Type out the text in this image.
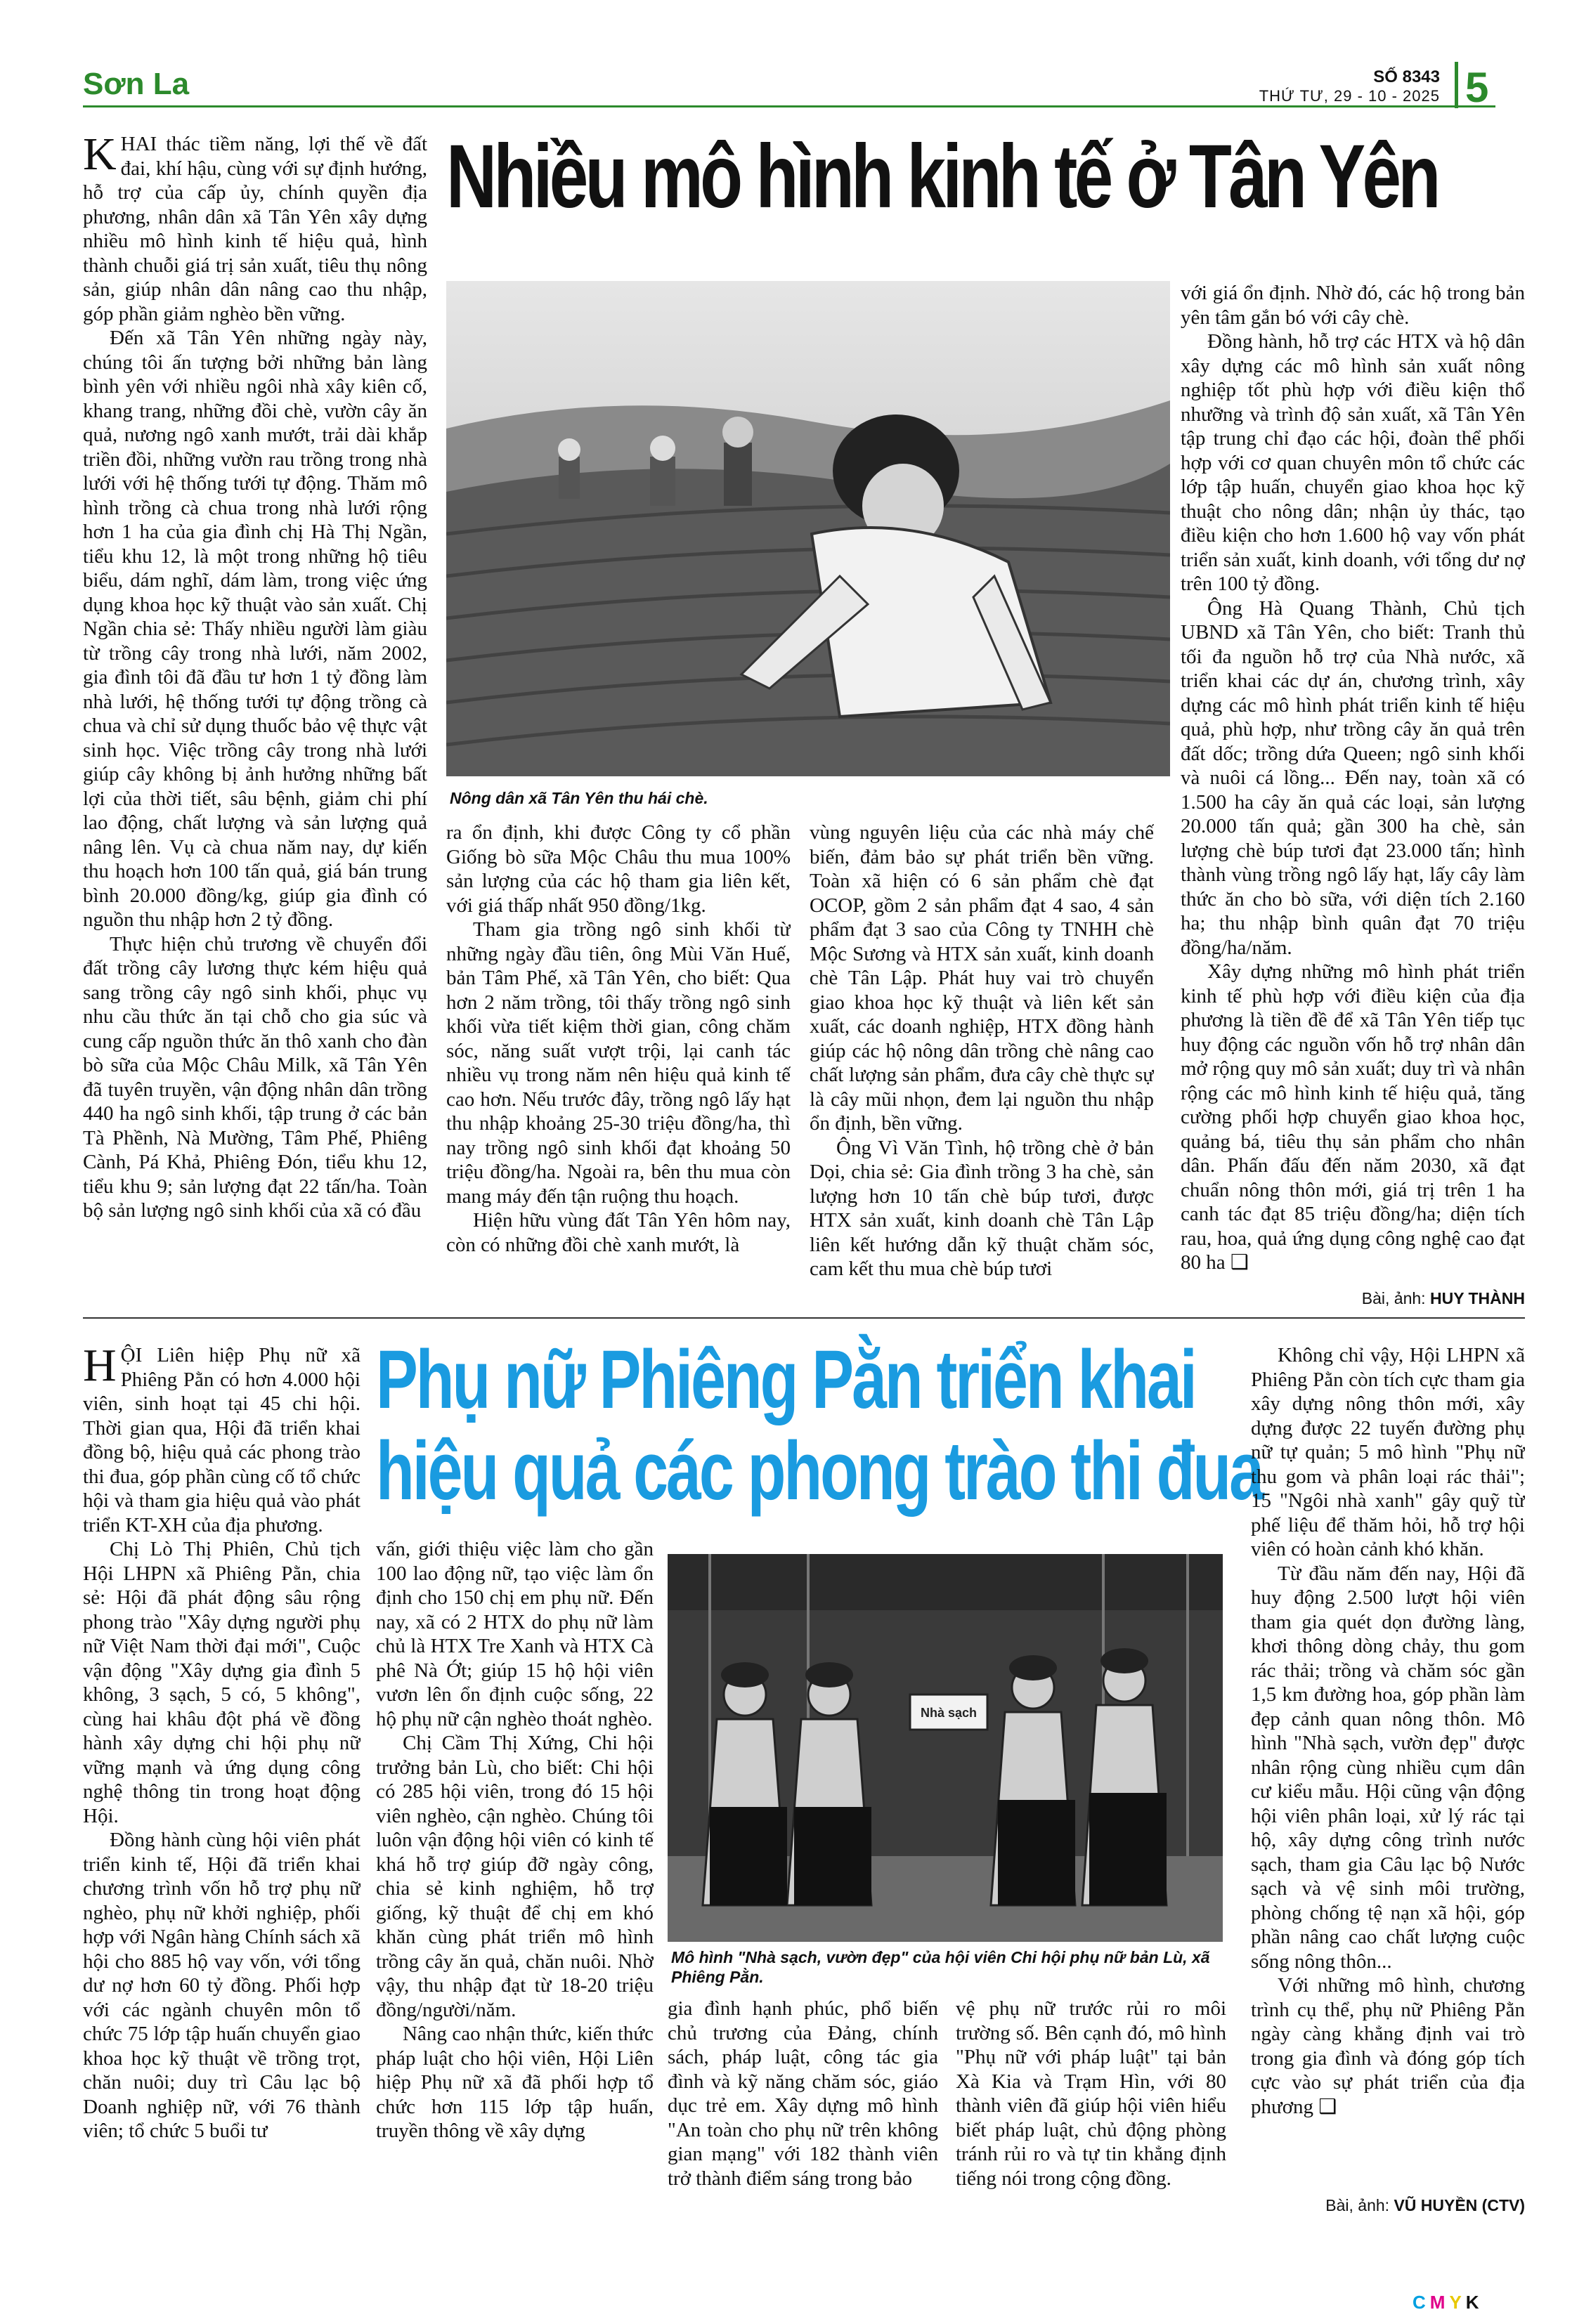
Sơn La	SỐ 8343
THỨ TƯ, 29 - 10 - 2025 5
Nhiều mô hình kinh tế ở Tân Yên

KHAI thác tiềm năng, lợi thế về đất đai, khí hậu, cùng với sự định hướng, hỗ trợ của cấp ủy, chính quyền địa phương, nhân dân xã Tân Yên xây dựng nhiều mô hình kinh tế hiệu quả, hình thành chuỗi giá trị sản xuất, tiêu thụ nông sản, giúp nhân dân nâng cao thu nhập, góp phần giảm nghèo bền vững.

Đến xã Tân Yên những ngày này, chúng tôi ấn tượng bởi những bản làng bình yên với nhiều ngôi nhà xây kiên cố, khang trang, những đồi chè, vườn cây ăn quả, nương ngô xanh mướt, trải dài khắp triền đồi, những vườn rau trồng trong nhà lưới với hệ thống tưới tự động. Thăm mô hình trồng cà chua trong nhà lưới rộng hơn 1 ha của gia đình chị Hà Thị Ngần, tiểu khu 12, là một trong những hộ tiêu biểu, dám nghĩ, dám làm, trong việc ứng dụng khoa học kỹ thuật vào sản xuất. Chị Ngần chia sẻ: Thấy nhiều người làm giàu từ trồng cây trong nhà lưới, năm 2002, gia đình tôi đã đầu tư hơn 1 tỷ đồng làm nhà lưới, hệ thống tưới tự động trồng cà chua và chỉ sử dụng thuốc bảo vệ thực vật sinh học. Việc trồng cây trong nhà lưới giúp cây không bị ảnh hưởng những bất lợi của thời tiết, sâu bệnh, giảm chi phí lao động, chất lượng và sản lượng quả nâng lên. Vụ cà chua năm nay, dự kiến thu hoạch hơn 100 tấn quả, giá bán trung bình 20.000 đồng/kg, giúp gia đình có nguồn thu nhập hơn 2 tỷ đồng.

Thực hiện chủ trương về chuyển đổi đất trồng cây lương thực kém hiệu quả sang trồng cây ngô sinh khối, phục vụ nhu cầu thức ăn tại chỗ cho gia súc và cung cấp nguồn thức ăn thô xanh cho đàn bò sữa của Mộc Châu Milk, xã Tân Yên đã tuyên truyền, vận động nhân dân trồng 440 ha ngô sinh khối, tập trung ở các bản Tà Phềnh, Nà Mường, Tâm Phế, Phiêng Cành, Pá Khả, Phiêng Đón, tiểu khu 12, tiểu khu 9; sản lượng đạt 22 tấn/ha. Toàn bộ sản lượng ngô sinh khối của xã có đầu

Nông dân xã Tân Yên thu hái chè.

ra ổn định, khi được Công ty cổ phần Giống bò sữa Mộc Châu thu mua 100% sản lượng của các hộ tham gia liên kết, với giá thấp nhất 950 đồng/1kg.

Tham gia trồng ngô sinh khối từ những ngày đầu tiên, ông Mùi Văn Huế, bản Tâm Phế, xã Tân Yên, cho biết: Qua hơn 2 năm trồng, tôi thấy trồng ngô sinh khối vừa tiết kiệm thời gian, công chăm sóc, năng suất vượt trội, lại canh tác nhiều vụ trong năm nên hiệu quả kinh tế cao hơn. Nếu trước đây, trồng ngô lấy hạt thu nhập khoảng 25-30 triệu đồng/ha, thì nay trồng ngô sinh khối đạt khoảng 50 triệu đồng/ha. Ngoài ra, bên thu mua còn mang máy đến tận ruộng thu hoạch.

Hiện hữu vùng đất Tân Yên hôm nay, còn có những đồi chè xanh mướt, là

vùng nguyên liệu của các nhà máy chế biến, đảm bảo sự phát triển bền vững. Toàn xã hiện có 6 sản phẩm chè đạt OCOP, gồm 2 sản phẩm đạt 4 sao, 4 sản phẩm đạt 3 sao của Công ty TNHH chè Mộc Sương và HTX sản xuất, kinh doanh chè Tân Lập. Phát huy vai trò chuyển giao khoa học kỹ thuật và liên kết sản xuất, các doanh nghiệp, HTX đồng hành giúp các hộ nông dân trồng chè nâng cao chất lượng sản phẩm, đưa cây chè thực sự là cây mũi nhọn, đem lại nguồn thu nhập ổn định, bền vững.

Ông Vì Văn Tình, hộ trồng chè ở bản Dọi, chia sẻ: Gia đình trồng 3 ha chè, sản lượng hơn 10 tấn chè búp tươi, được HTX sản xuất, kinh doanh chè Tân Lập liên kết hướng dẫn kỹ thuật chăm sóc, cam kết thu mua chè búp tươi

với giá ổn định. Nhờ đó, các hộ trong bản yên tâm gắn bó với cây chè.

Đồng hành, hỗ trợ các HTX và hộ dân xây dựng các mô hình sản xuất nông nghiệp tốt phù hợp với điều kiện thổ nhưỡng và trình độ sản xuất, xã Tân Yên tập trung chỉ đạo các hội, đoàn thể phối hợp với cơ quan chuyên môn tổ chức các lớp tập huấn, chuyển giao khoa học kỹ thuật cho nông dân; nhận ủy thác, tạo điều kiện cho hơn 1.600 hộ vay vốn phát triển sản xuất, kinh doanh, với tổng dư nợ trên 100 tỷ đồng.

Ông Hà Quang Thành, Chủ tịch UBND xã Tân Yên, cho biết: Tranh thủ tối đa nguồn hỗ trợ của Nhà nước, xã triển khai các dự án, chương trình, xây dựng các mô hình phát triển kinh tế hiệu quả, phù hợp, như trồng cây ăn quả trên đất dốc; trồng dứa Queen; ngô sinh khối và nuôi cá lồng... Đến nay, toàn xã có 1.500 ha cây ăn quả các loại, sản lượng 20.000 tấn quả; gần 300 ha chè, sản lượng chè búp tươi đạt 23.000 tấn; hình thành vùng trồng ngô lấy hạt, lấy cây làm thức ăn cho bò sữa, với diện tích 2.160 ha; thu nhập bình quân đạt 70 triệu đồng/ha/năm.

Xây dựng những mô hình phát triển kinh tế phù hợp với điều kiện của địa phương là tiền đề để xã Tân Yên tiếp tục huy động các nguồn vốn hỗ trợ nhân dân mở rộng quy mô sản xuất; duy trì và nhân rộng các mô hình kinh tế hiệu quả, tăng cường phối hợp chuyển giao khoa học, quảng bá, tiêu thụ sản phẩm cho nhân dân. Phấn đấu đến năm 2030, xã đạt chuẩn nông thôn mới, giá trị trên 1 ha canh tác đạt 85 triệu đồng/ha; diện tích rau, hoa, quả ứng dụng công nghệ cao đạt 80 ha ❑

Bài, ảnh: HUY THÀNH
Phụ nữ Phiêng Pằn triển khai
hiệu quả các phong trào thi đua

HỘI Liên hiệp Phụ nữ xã Phiêng Pằn có hơn 4.000 hội viên, sinh hoạt tại 45 chi hội. Thời gian qua, Hội đã triển khai đồng bộ, hiệu quả các phong trào thi đua, góp phần cùng cố tổ chức hội và tham gia hiệu quả vào phát triển KT-XH của địa phương.

Chị Lò Thị Phiên, Chủ tịch Hội LHPN xã Phiêng Pằn, chia sẻ: Hội đã phát động sâu rộng phong trào "Xây dựng người phụ nữ Việt Nam thời đại mới", Cuộc vận động "Xây dựng gia đình 5 không, 3 sạch, 5 có, 5 không", cùng hai khâu đột phá về đồng hành xây dựng chi hội phụ nữ vững mạnh và ứng dụng công nghệ thông tin trong hoạt động Hội.

Đồng hành cùng hội viên phát triển kinh tế, Hội đã triển khai chương trình vốn hỗ trợ phụ nữ nghèo, phụ nữ khởi nghiệp, phối hợp với Ngân hàng Chính sách xã hội cho 885 hộ vay vốn, với tổng dư nợ hơn 60 tỷ đồng. Phối hợp với các ngành chuyên môn tổ chức 75 lớp tập huấn chuyển giao khoa học kỹ thuật về trồng trọt, chăn nuôi; duy trì Câu lạc bộ Doanh nghiệp nữ, với 76 thành viên; tổ chức 5 buổi tư

vấn, giới thiệu việc làm cho gần 100 lao động nữ, tạo việc làm ổn định cho 150 chị em phụ nữ. Đến nay, xã có 2 HTX do phụ nữ làm chủ là HTX Tre Xanh và HTX Cà phê Nà Ớt; giúp 15 hộ hội viên vươn lên ổn định cuộc sống, 22 hộ phụ nữ cận nghèo thoát nghèo.

Chị Cầm Thị Xứng, Chi hội trưởng bản Lù, cho biết: Chi hội có 285 hội viên, trong đó 15 hội viên nghèo, cận nghèo. Chúng tôi luôn vận động hội viên có kinh tế khá hỗ trợ giúp đỡ ngày công, chia sẻ kinh nghiệm, hỗ trợ giống, kỹ thuật để chị em khó khăn cùng phát triển mô hình trồng cây ăn quả, chăn nuôi. Nhờ vậy, thu nhập đạt từ 18-20 triệu đồng/người/năm.

Nâng cao nhận thức, kiến thức pháp luật cho hội viên, Hội Liên hiệp Phụ nữ xã đã phối hợp tổ chức hơn 115 lớp tập huấn, truyền thông về xây dựng

Nhà sạch
Mô hình "Nhà sạch, vườn đẹp" của hội viên Chi hội phụ nữ bản Lù, xã Phiêng Pằn.

gia đình hạnh phúc, phổ biến chủ trương của Đảng, chính sách, pháp luật, công tác gia đình và kỹ năng chăm sóc, giáo dục trẻ em. Xây dựng mô hình "An toàn cho phụ nữ trên không gian mạng" với 182 thành viên trở thành điểm sáng trong bảo

vệ phụ nữ trước rủi ro môi trường số. Bên cạnh đó, mô hình "Phụ nữ với pháp luật" tại bản Xà Kia và Trạm Hìn, với 80 thành viên đã giúp hội viên hiểu biết pháp luật, chủ động phòng tránh rủi ro và tự tin khẳng định tiếng nói trong cộng đồng.

Không chỉ vậy, Hội LHPN xã Phiêng Pằn còn tích cực tham gia xây dựng nông thôn mới, xây dựng được 22 tuyến đường phụ nữ tự quản; 5 mô hình "Phụ nữ thu gom và phân loại rác thải"; 15 "Ngôi nhà xanh" gây quỹ từ phế liệu để thăm hỏi, hỗ trợ hội viên có hoàn cảnh khó khăn.

Từ đầu năm đến nay, Hội đã huy động 2.500 lượt hội viên tham gia quét dọn đường làng, khơi thông dòng chảy, thu gom rác thải; trồng và chăm sóc gần 1,5 km đường hoa, góp phần làm đẹp cảnh quan nông thôn. Mô hình "Nhà sạch, vườn đẹp" được nhân rộng cùng nhiều cụm dân cư kiểu mẫu. Hội cũng vận động hội viên phân loại, xử lý rác tại hộ, xây dựng công trình nước sạch, tham gia Câu lạc bộ Nước sạch và vệ sinh môi trường, phòng chống tệ nạn xã hội, góp phần nâng cao chất lượng cuộc sống nông thôn...

Với những mô hình, chương trình cụ thể, phụ nữ Phiêng Pằn ngày càng khẳng định vai trò trong gia đình và đóng góp tích cực vào sự phát triển của địa phương ❑

Bài, ảnh: VŨ HUYỀN (CTV)
CMYK
